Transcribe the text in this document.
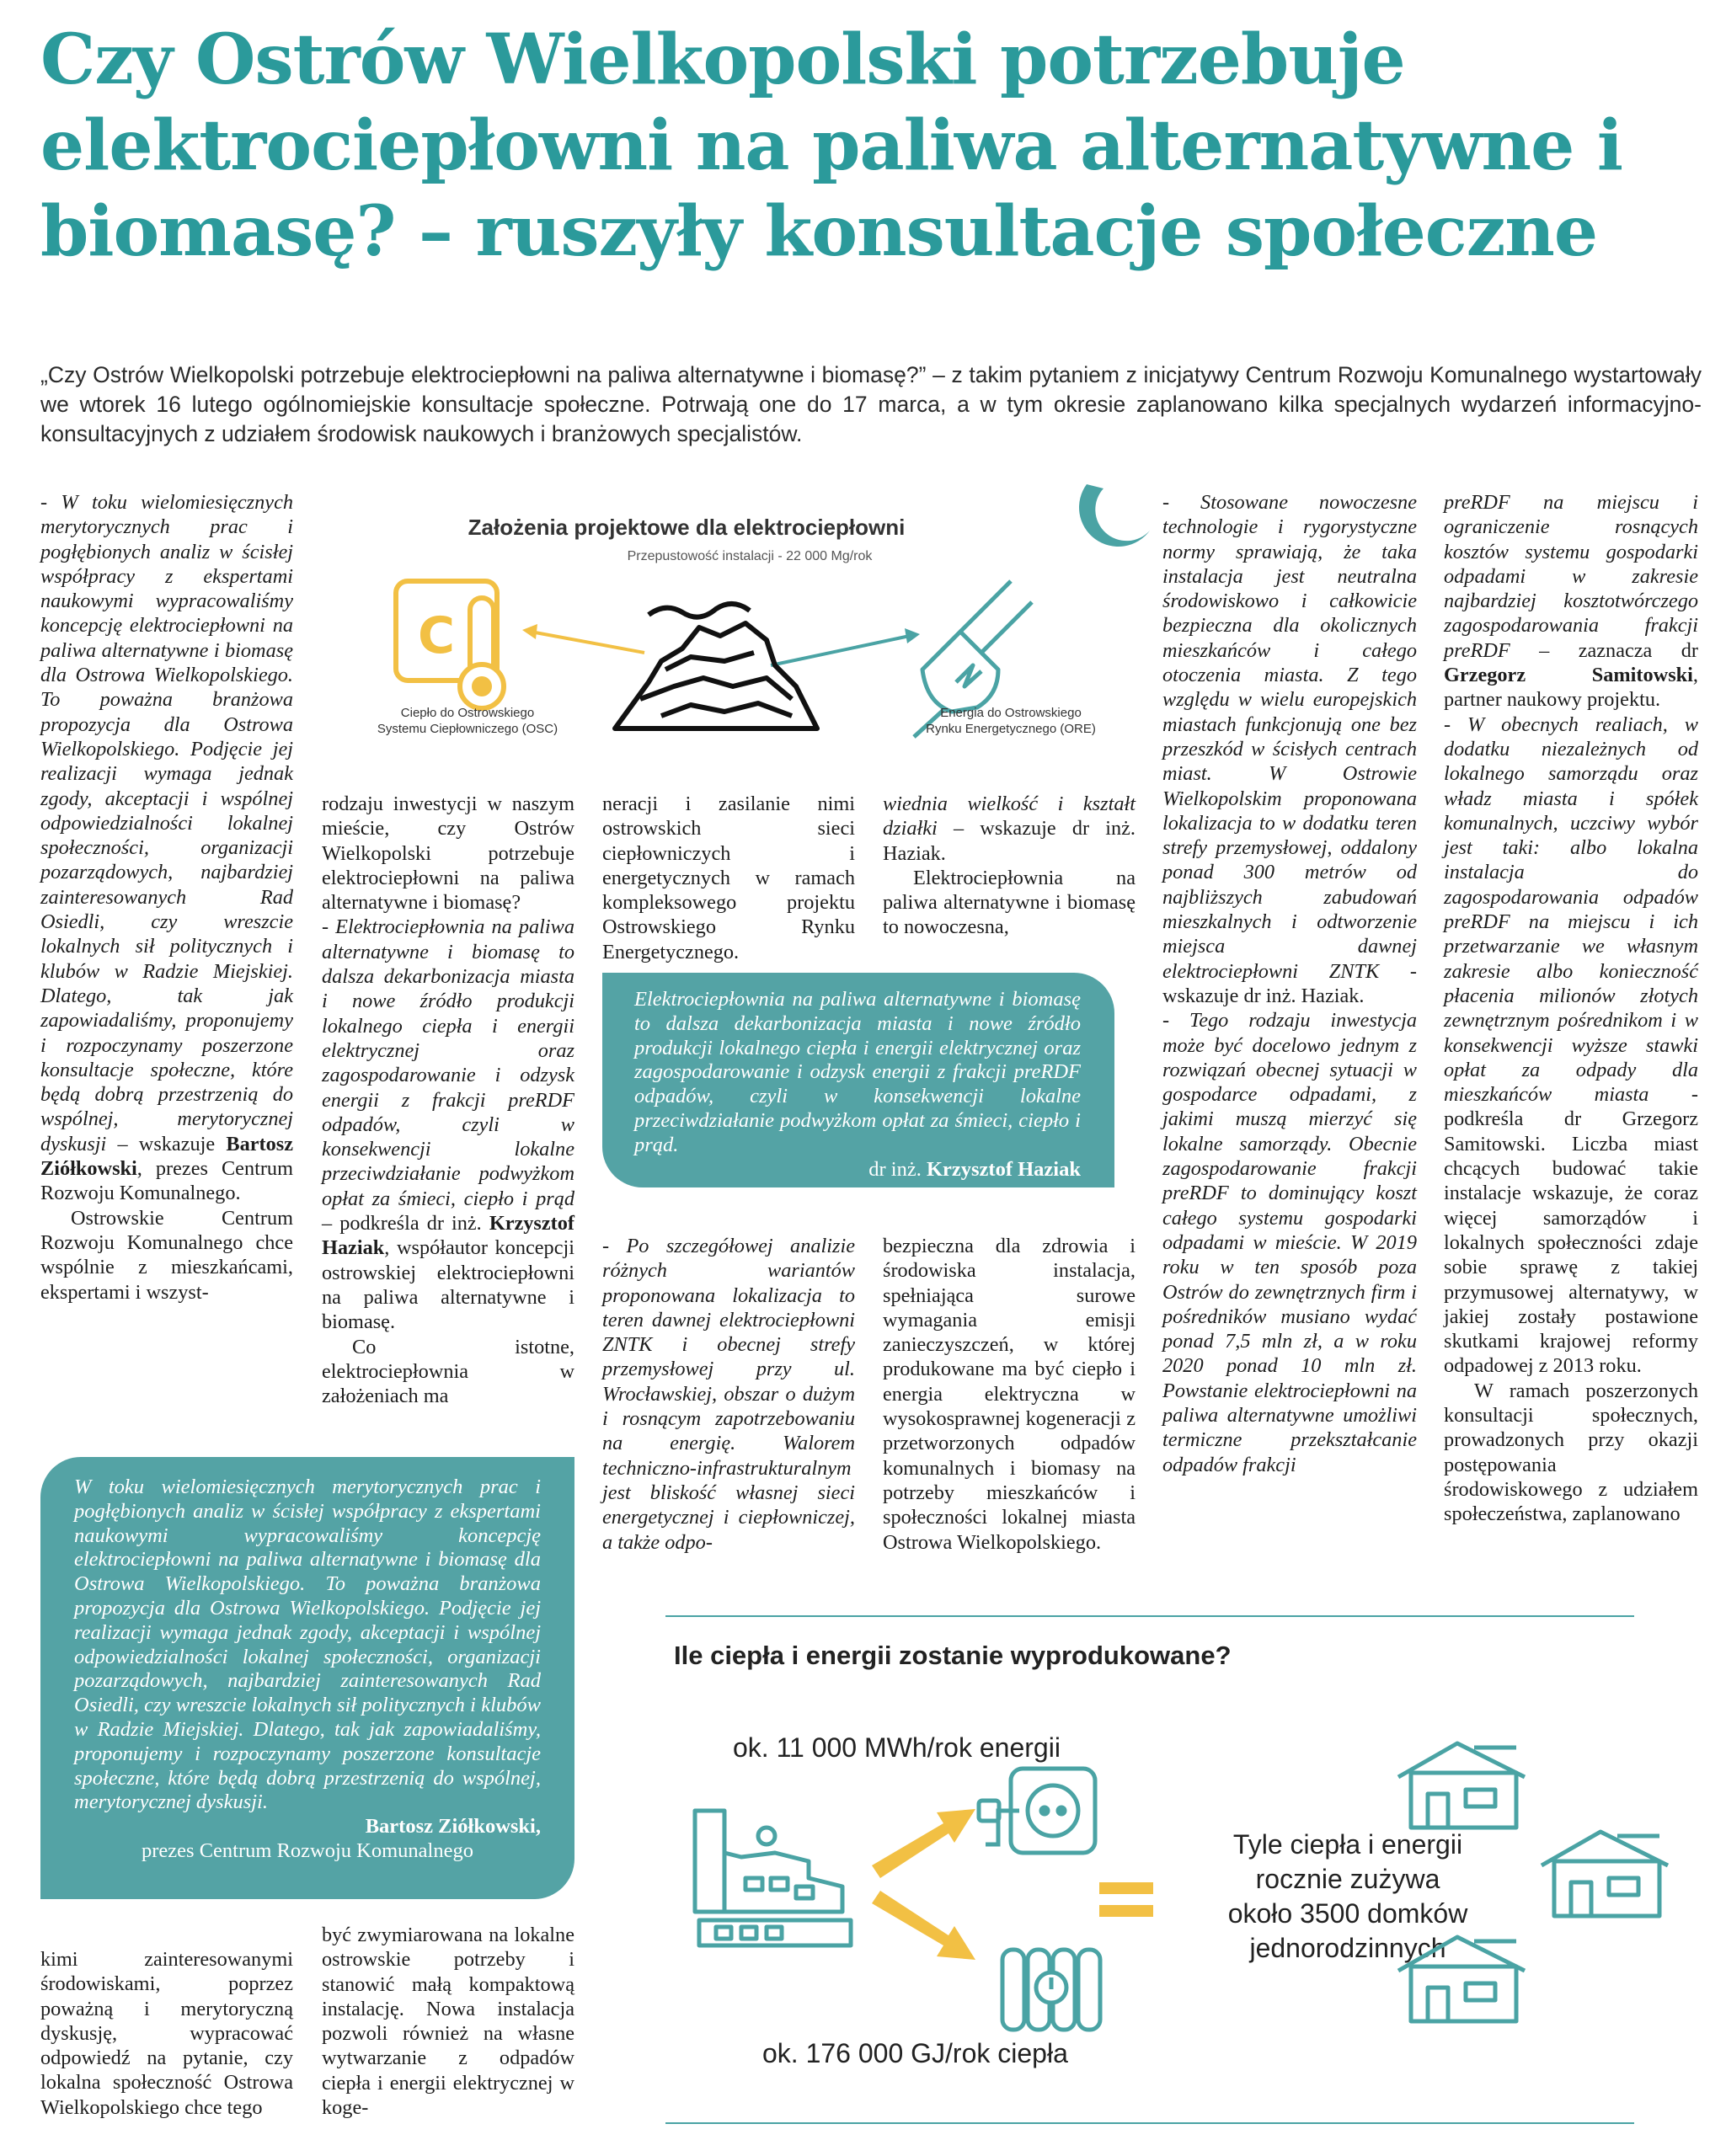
Czy Ostrów Wielkopolski potrzebuje elektrociepłowni na paliwa alternatywne i biomasę? – ruszyły konsultacje społeczne
„Czy Ostrów Wielkopolski potrzebuje elektrociepłowni na paliwa alternatywne i biomasę?” – z takim pytaniem z inicjatywy Centrum Rozwoju Komunalnego wystartowały we wtorek 16 lutego ogólnomiejskie konsultacje społeczne. Potrwają one do 17 marca, a w tym okresie zaplanowano kilka specjalnych wydarzeń informacyjno-konsultacyjnych z udziałem środowisk naukowych i branżowych specjalistów.
Założenia projektowe dla elektrociepłowni
Przepustowość instalacji - 22 000 Mg/rok
C
Ciepło do Ostrowskiego
Systemu Ciepłowniczego (OSC)
Energia do Ostrowskiego
Rynku Energetycznego (ORE)

- W toku wielomiesięcznych merytorycznych prac i pogłębionych analiz w ścisłej współpracy z ekspertami naukowymi wypracowaliśmy koncepcję elektrociepłowni na paliwa alternatywne i biomasę dla Ostrowa Wielkopolskiego. To poważna branżowa propozycja dla Ostrowa Wielkopolskiego. Podjęcie jej realizacji wymaga jednak zgody, akceptacji i wspólnej odpowiedzialności lokalnej społeczności, organizacji pozarządowych, najbardziej zainteresowanych Rad Osiedli, czy wreszcie lokalnych sił politycznych i klubów w Radzie Miejskiej. Dlatego, tak jak zapowiadaliśmy, proponujemy i rozpoczynamy poszerzone konsultacje społeczne, które będą dobrą przestrzenią do wspólnej, merytorycznej dyskusji – wskazuje Bartosz Ziółkowski, prezes Centrum Rozwoju Komunalnego.

Ostrowskie Centrum Rozwoju Komunalnego chce wspólnie z mieszkańcami, ekspertami i wszyst-

rodzaju inwestycji w naszym mieście, czy Ostrów Wielkopolski potrzebuje elektrociepłowni na paliwa alternatywne i biomasę?

- Elektrociepłownia na paliwa alternatywne i biomasę to dalsza dekarbonizacja miasta i nowe źródło produkcji lokalnego ciepła i energii elektrycznej oraz zagospodarowanie i odzysk energii z frakcji preRDF odpadów, czyli w konsekwencji lokalne przeciwdziałanie podwyżkom opłat za śmieci, ciepło i prąd – podkreśla dr inż. Krzysztof Haziak, współautor koncepcji ostrowskiej elektrociepłowni na paliwa alternatywne i biomasę.

Co istotne, elektrociepłownia w założeniach ma

neracji i zasilanie nimi ostrowskich sieci ciepłowniczych i energetycznych w ramach kompleksowego projektu Ostrowskiego Rynku Energetycznego.

wiednia wielkość i kształt działki – wskazuje dr inż. Haziak.

Elektrociepłownia na paliwa alternatywne i biomasę to nowoczesna,

Elektrociepłownia na paliwa alternatywne i biomasę to dalsza dekarbonizacja miasta i nowe źródło produkcji lokalnego ciepła i energii elektrycznej oraz zagospodarowanie i odzysk energii z frakcji preRDF odpadów, czyli w konsekwencji lokalne przeciwdziałanie podwyżkom opłat za śmieci, ciepło i prąd.

dr inż. Krzysztof Haziak

- Po szczegółowej analizie różnych wariantów proponowana lokalizacja to teren dawnej elektrociepłowni ZNTK i obecnej strefy przemysłowej przy ul. Wrocławskiej, obszar o dużym i rosnącym zapotrzebowaniu na energię. Walorem techniczno-infrastrukturalnym jest bliskość własnej sieci energetycznej i ciepłowniczej, a także odpo-

bezpieczna dla zdrowia i środowiska instalacja, spełniająca surowe wymagania emisji zanieczyszczeń, w której produkowane ma być ciepło i energia elektryczna w wysokosprawnej kogeneracji z przetworzonych odpadów komunalnych i biomasy na potrzeby mieszkańców i społeczności lokalnej miasta Ostrowa Wielkopolskiego.

- Stosowane nowoczesne technologie i rygorystyczne normy sprawiają, że taka instalacja jest neutralna środowiskowo i całkowicie bezpieczna dla okolicznych mieszkańców i całego otoczenia miasta. Z tego względu w wielu europejskich miastach funkcjonują one bez przeszkód w ścisłych centrach miast. W Ostrowie Wielkopolskim proponowana lokalizacja to w dodatku teren strefy przemysłowej, oddalony ponad 300 metrów od najbliższych zabudowań mieszkalnych i odtworzenie miejsca dawnej elektrociepłowni ZNTK - wskazuje dr inż. Haziak.

- Tego rodzaju inwestycja może być docelowo jednym z rozwiązań obecnej sytuacji w gospodarce odpadami, z jakimi muszą mierzyć się lokalne samorządy. Obecnie zagospodarowanie frakcji preRDF to dominujący koszt całego systemu gospodarki odpadami w mieście. W 2019 roku w ten sposób poza Ostrów do zewnętrznych firm i pośredników musiano wydać ponad 7,5 mln zł, a w roku 2020 ponad 10 mln zł. Powstanie elektrociepłowni na paliwa alternatywne umożliwi termiczne przekształcanie odpadów frakcji

preRDF na miejscu i ograniczenie rosnących kosztów systemu gospodarki odpadami w zakresie najbardziej kosztotwórczego zagospodarowania frakcji preRDF – zaznacza dr Grzegorz Samitowski, partner naukowy projektu.

- W obecnych realiach, w dodatku niezależnych od lokalnego samorządu oraz władz miasta i spółek komunalnych, uczciwy wybór jest taki: albo lokalna instalacja do zagospodarowania odpadów preRDF na miejscu i ich przetwarzanie we własnym zakresie albo konieczność płacenia milionów złotych zewnętrznym pośrednikom i w konsekwencji wyższe stawki opłat za odpady dla mieszkańców miasta - podkreśla dr Grzegorz Samitowski. Liczba miast chcących budować takie instalacje wskazuje, że coraz więcej samorządów i lokalnych społeczności zdaje sobie sprawę z takiej przymusowej alternatywy, w jakiej zostały postawione skutkami krajowej reformy odpadowej z 2013 roku.

W ramach poszerzonych konsultacji społecznych, prowadzonych przy okazji postępowania środowiskowego z udziałem społeczeństwa, zaplanowano

W toku wielomiesięcznych merytorycznych prac i pogłębionych analiz w ścisłej współpracy z ekspertami naukowymi wypracowaliśmy koncepcję elektrociepłowni na paliwa alternatywne i biomasę dla Ostrowa Wielkopolskiego. To poważna branżowa propozycja dla Ostrowa Wielkopolskiego. Podjęcie jej realizacji wymaga jednak zgody, akceptacji i wspólnej odpowiedzialności lokalnej społeczności, organizacji pozarządowych, najbardziej zainteresowanych Rad Osiedli, czy wreszcie lokalnych sił politycznych i klubów w Radzie Miejskiej. Dlatego, tak jak zapowiadaliśmy, proponujemy i rozpoczynamy poszerzone konsultacje społeczne, które będą dobrą przestrzenią do wspólnej, merytorycznej dyskusji.

Bartosz Ziółkowski,

prezes Centrum Rozwoju Komunalnego

kimi zainteresowanymi środowiskami, poprzez poważną i merytoryczną dyskusję, wypracować odpowiedź na pytanie, czy lokalna społeczność Ostrowa Wielkopolskiego chce tego

być zwymiarowana na lokalne ostrowskie potrzeby i stanowić małą kompaktową instalację. Nowa instalacja pozwoli również na własne wytwarzanie z odpadów ciepła i energii elektrycznej w koge-

Ile ciepła i energii zostanie wyprodukowane?
ok. 11 000 MWh/rok energii
ok. 176 000 GJ/rok ciepła
Tyle ciepła i energii
rocznie zużywa
około 3500 domków
jednorodzinnych
